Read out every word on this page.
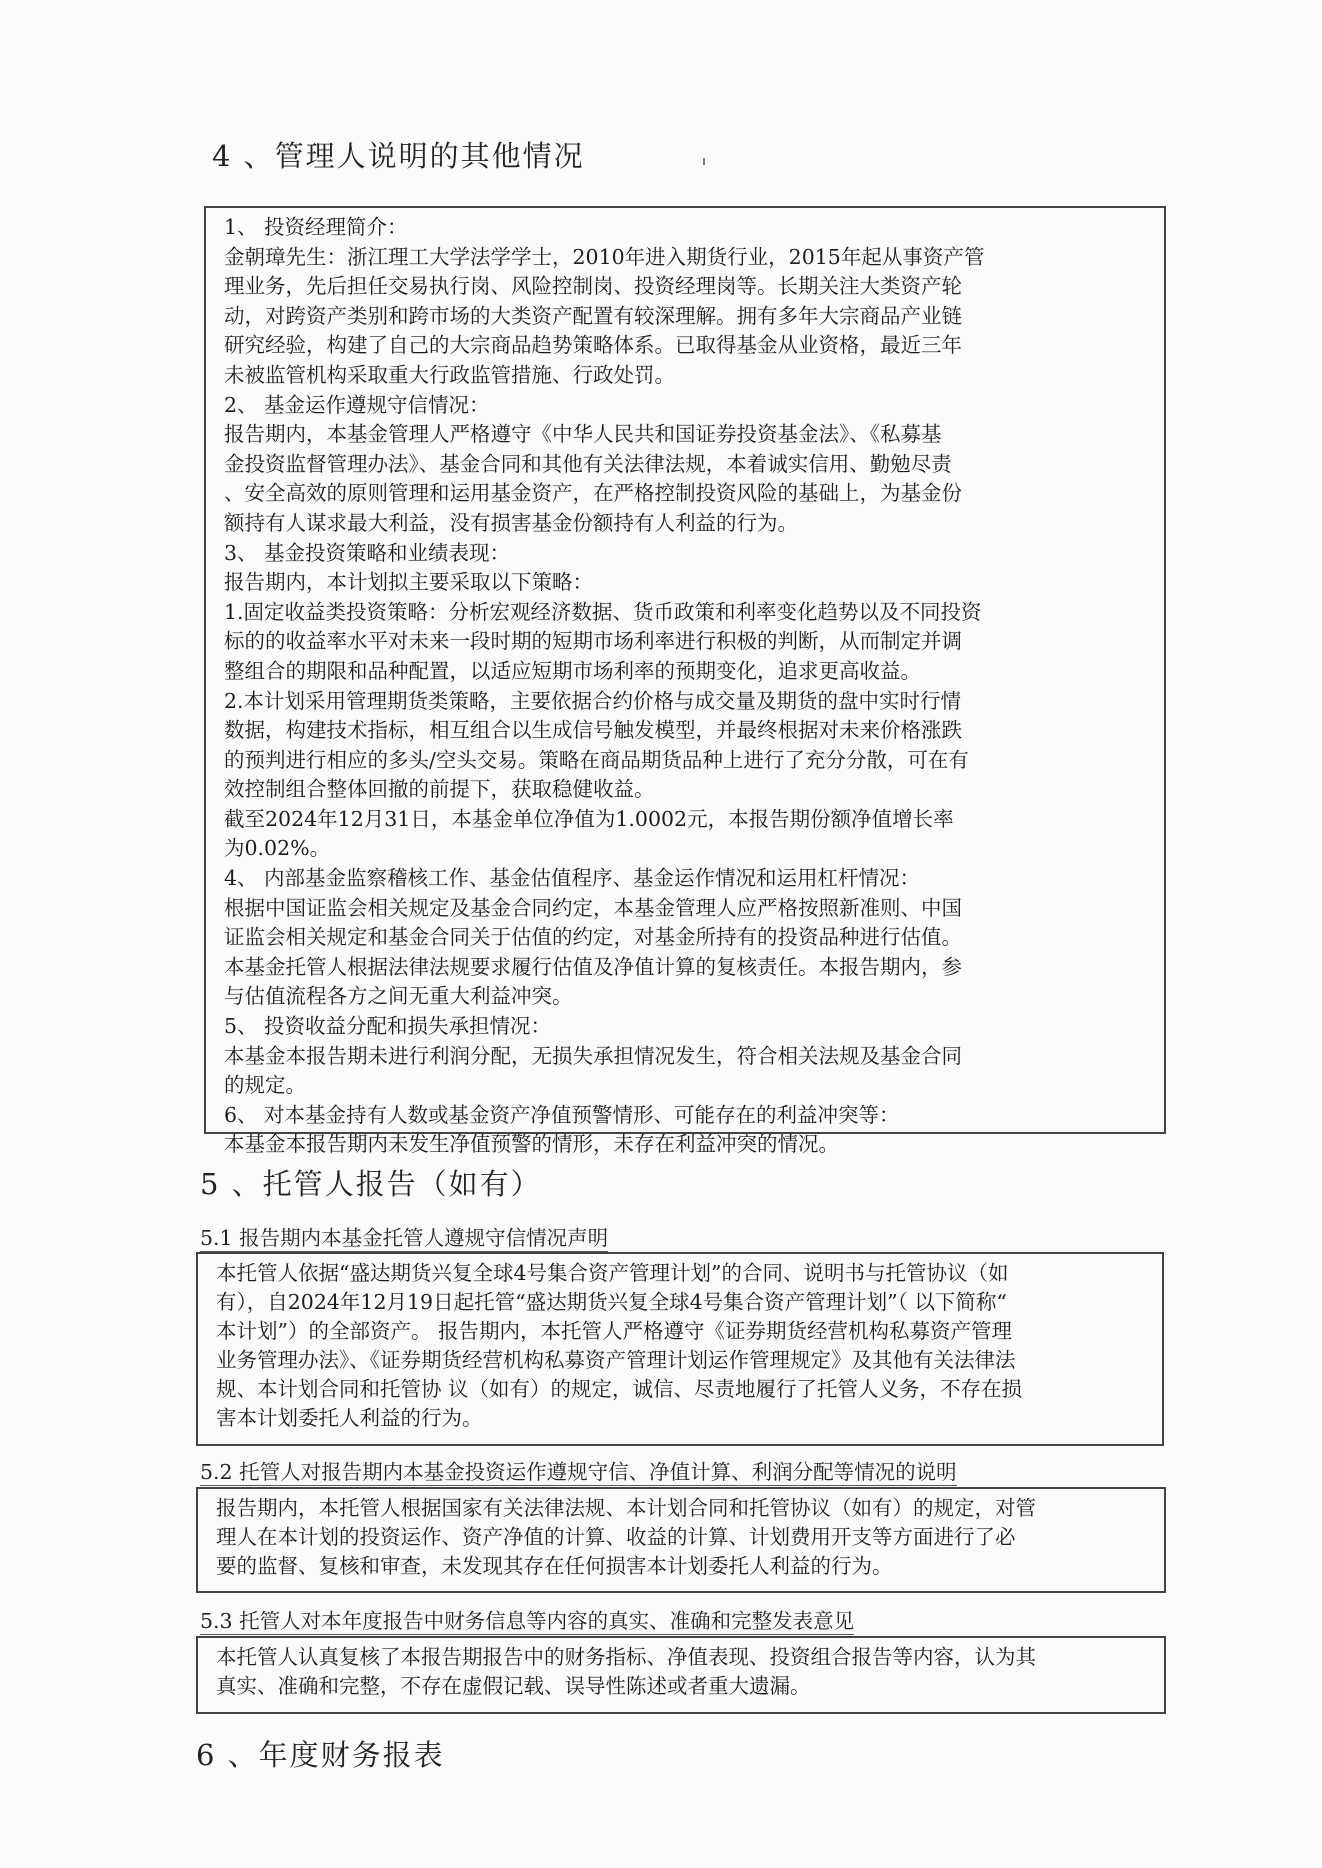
4 、管理人说明的其他情况
1、 投资经理简介：
金朝璋先生：浙江理工大学法学学士，2010年进入期货行业，2015年起从事资产管
理业务，先后担任交易执行岗、风险控制岗、投资经理岗等。长期关注大类资产轮
动，对跨资产类别和跨市场的大类资产配置有较深理解。拥有多年大宗商品产业链
研究经验，构建了自己的大宗商品趋势策略体系。已取得基金从业资格，最近三年
未被监管机构采取重大行政监管措施、行政处罚。
2、 基金运作遵规守信情况：
报告期内，本基金管理人严格遵守《中华人民共和国证券投资基金法》、《私募基
金投资监督管理办法》、基金合同和其他有关法律法规，本着诚实信用、勤勉尽责
、安全高效的原则管理和运用基金资产，在严格控制投资风险的基础上，为基金份
额持有人谋求最大利益，没有损害基金份额持有人利益的行为。
3、 基金投资策略和业绩表现：
报告期内，本计划拟主要采取以下策略：
1.固定收益类投资策略：分析宏观经济数据、货币政策和利率变化趋势以及不同投资
标的的收益率水平对未来一段时期的短期市场利率进行积极的判断，从而制定并调
整组合的期限和品种配置，以适应短期市场利率的预期变化，追求更高收益。
2.本计划采用管理期货类策略，主要依据合约价格与成交量及期货的盘中实时行情
数据，构建技术指标，相互组合以生成信号触发模型，并最终根据对未来价格涨跌
的预判进行相应的多头/空头交易。策略在商品期货品种上进行了充分分散，可在有
效控制组合整体回撤的前提下，获取稳健收益。
截至2024年12月31日，本基金单位净值为1.0002元，本报告期份额净值增长率
为0.02%。
4、 内部基金监察稽核工作、基金估值程序、基金运作情况和运用杠杆情况：
根据中国证监会相关规定及基金合同约定，本基金管理人应严格按照新准则、中国
证监会相关规定和基金合同关于估值的约定，对基金所持有的投资品种进行估值。
本基金托管人根据法律法规要求履行估值及净值计算的复核责任。本报告期内，参
与估值流程各方之间无重大利益冲突。
5、 投资收益分配和损失承担情况：
本基金本报告期未进行利润分配，无损失承担情况发生，符合相关法规及基金合同
的规定。
6、 对本基金持有人数或基金资产净值预警情形、可能存在的利益冲突等：
本基金本报告期内未发生净值预警的情形，未存在利益冲突的情况。
5 、托管人报告（如有）
5.1 报告期内本基金托管人遵规守信情况声明
本托管人依据“盛达期货兴复全球4号集合资产管理计划”的合同、说明书与托管协议（如
有），自2024年12月19日起托管“盛达期货兴复全球4号集合资产管理计划”（ 以下简称“
本计划”）的全部资产。 报告期内，本托管人严格遵守《证券期货经营机构私募资产管理
业务管理办法》、《证券期货经营机构私募资产管理计划运作管理规定》及其他有关法律法
规、本计划合同和托管协 议（如有）的规定，诚信、尽责地履行了托管人义务，不存在损
害本计划委托人利益的行为。
5.2 托管人对报告期内本基金投资运作遵规守信、净值计算、利润分配等情况的说明
报告期内，本托管人根据国家有关法律法规、本计划合同和托管协议（如有）的规定，对管
理人在本计划的投资运作、资产净值的计算、收益的计算、计划费用开支等方面进行了必
要的监督、复核和审查，未发现其存在任何损害本计划委托人利益的行为。
5.3 托管人对本年度报告中财务信息等内容的真实、准确和完整发表意见
本托管人认真复核了本报告期报告中的财务指标、净值表现、投资组合报告等内容，认为其
真实、准确和完整，不存在虚假记载、误导性陈述或者重大遗漏。
6 、年度财务报表
